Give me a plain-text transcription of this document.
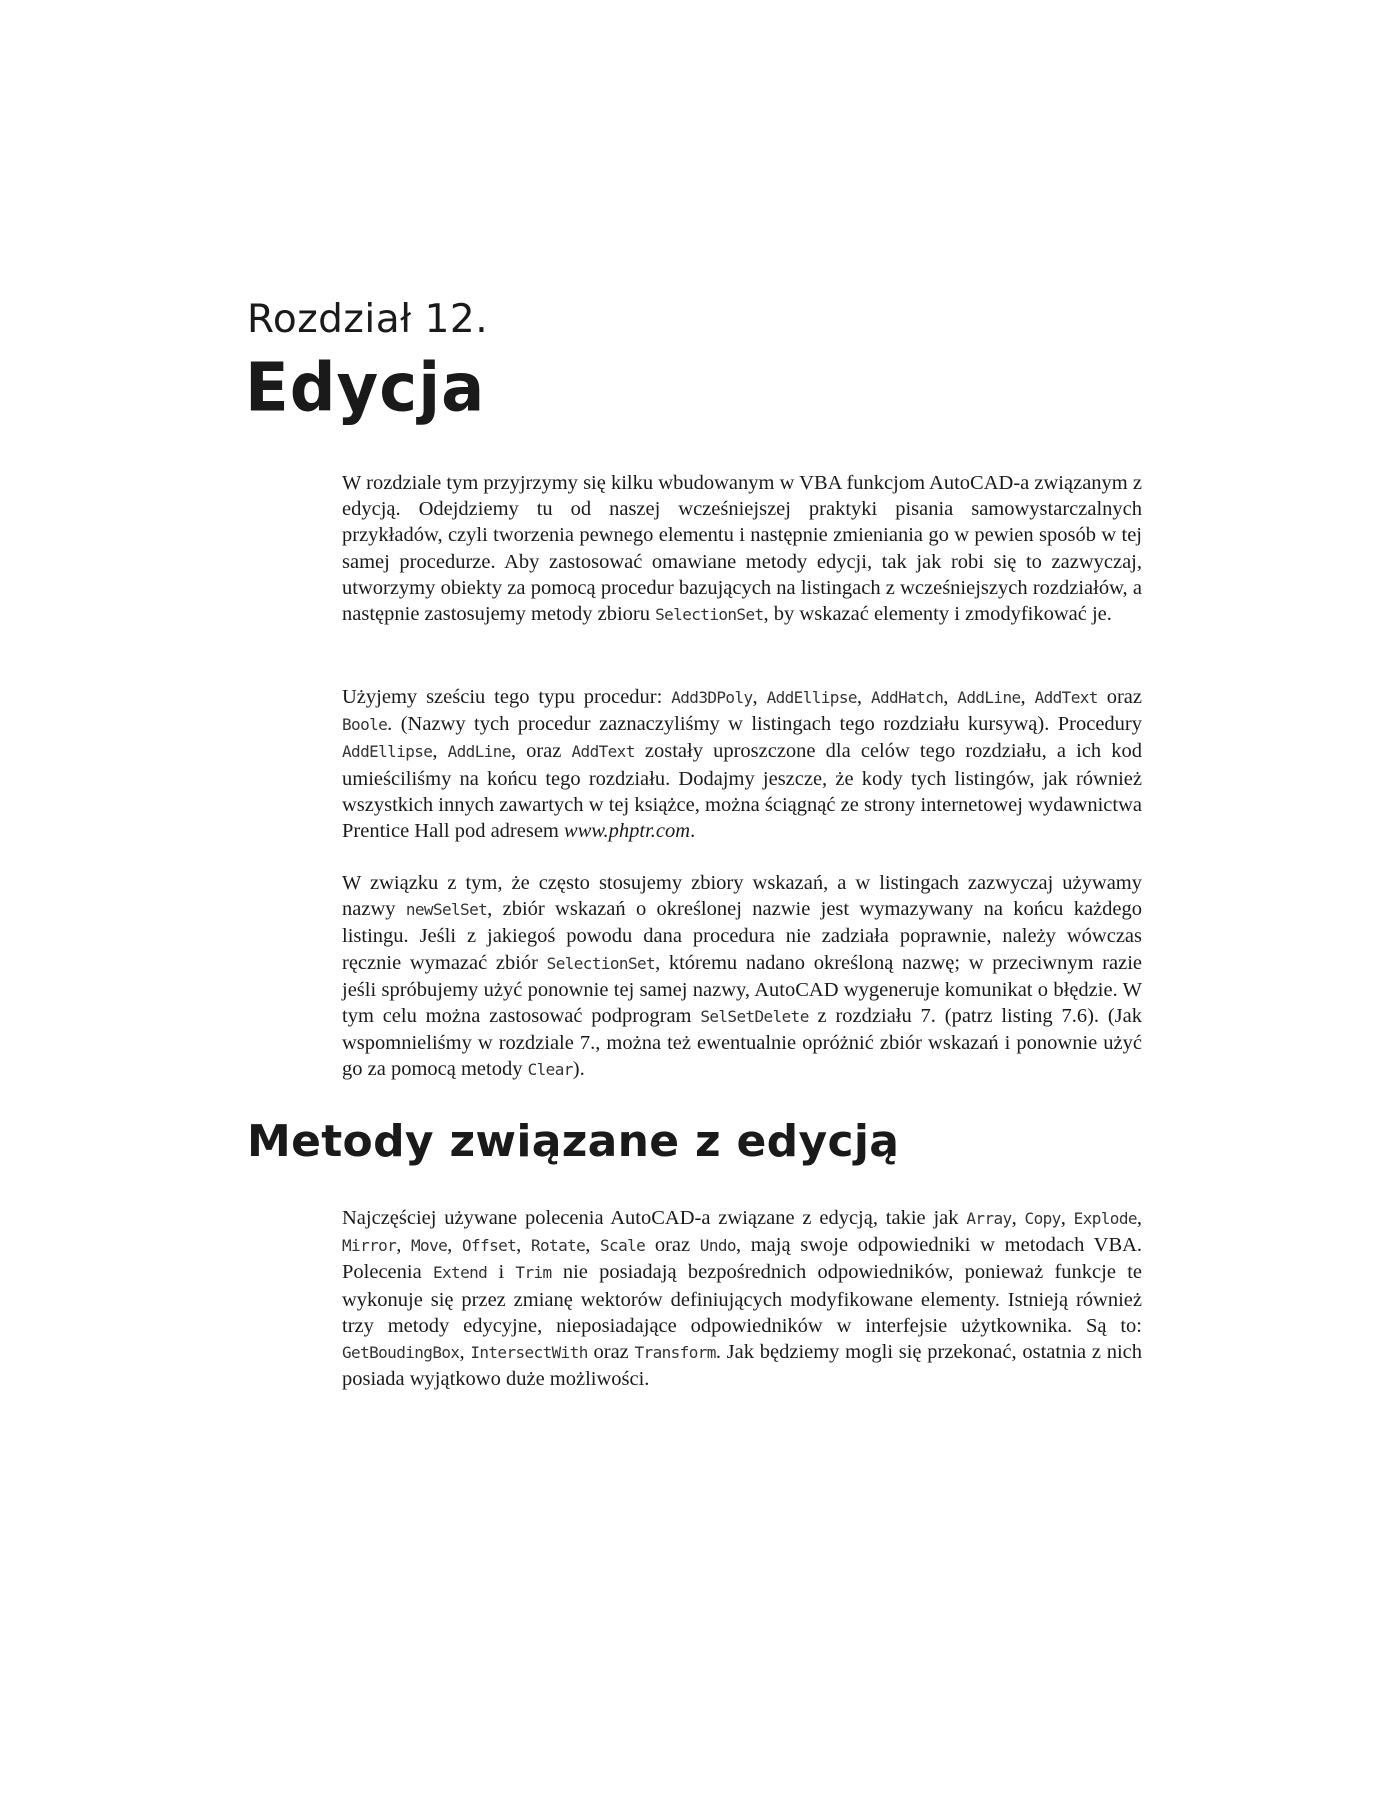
Rozdział 12.
Edycja

W rozdziale tym przyjrzymy się kilku wbudowanym w VBA funkcjom AutoCAD-a związanym z edycją. Odejdziemy tu od naszej wcześniejszej praktyki pisania samowystarczalnych przykładów, czyli tworzenia pewnego elementu i następnie zmieniania go w pewien sposób w tej samej procedurze. Aby zastosować omawiane metody edycji, tak jak robi się to zazwyczaj, utworzymy obiekty za pomocą procedur bazujących na listingach z wcześniejszych rozdziałów, a następnie zastosujemy metody zbioru SelectionSet, by wskazać elementy i zmodyfikować je.

Użyjemy sześciu tego typu procedur: Add3DPoly, AddEllipse, AddHatch, AddLine, AddText oraz Boole. (Nazwy tych procedur zaznaczyliśmy w listingach tego rozdziału kursywą). Procedury AddEllipse, AddLine, oraz AddText zostały uproszczone dla celów tego rozdziału, a ich kod umieściliśmy na końcu tego rozdziału. Dodajmy jeszcze, że kody tych listingów, jak również wszystkich innych zawartych w tej książce, można ściągnąć ze strony internetowej wydawnictwa Prentice Hall pod adresem www.phptr.com.

W związku z tym, że często stosujemy zbiory wskazań, a w listingach zazwyczaj używamy nazwy newSelSet, zbiór wskazań o określonej nazwie jest wymazywany na końcu każdego listingu. Jeśli z jakiegoś powodu dana procedura nie zadziała poprawnie, należy wówczas ręcznie wymazać zbiór SelectionSet, któremu nadano określoną nazwę; w przeciwnym razie jeśli spróbujemy użyć ponownie tej samej nazwy, AutoCAD wygeneruje komunikat o błędzie. W tym celu można zastosować podprogram SelSetDelete z rozdziału 7. (patrz listing 7.6). (Jak wspomnieliśmy w rozdziale 7., można też ewentualnie opróżnić zbiór wskazań i ponownie użyć go za pomocą metody Clear).

Metody związane z edycją

Najczęściej używane polecenia AutoCAD-a związane z edycją, takie jak Array, Copy, Explode, Mirror, Move, Offset, Rotate, Scale oraz Undo, mają swoje odpowiedniki w metodach VBA. Polecenia Extend i Trim nie posiadają bezpośrednich odpowiedników, ponieważ funkcje te wykonuje się przez zmianę wektorów definiujących modyfikowane elementy. Istnieją również trzy metody edycyjne, nieposiadające odpowiedników w interfejsie użytkownika. Są to: GetBoudingBox, IntersectWith oraz Transform. Jak będziemy mogli się przekonać, ostatnia z nich posiada wyjątkowo duże możliwości.
